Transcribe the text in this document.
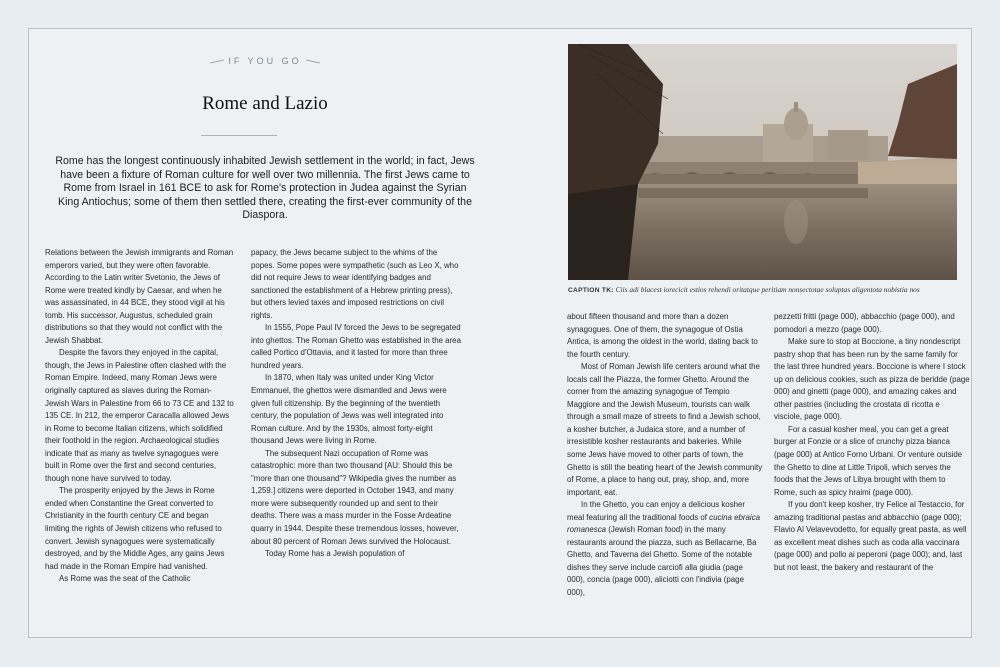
IF YOU GO
Rome and Lazio
Rome has the longest continuously inhabited Jewish settlement in the world; in fact, Jews have been a fixture of Roman culture for well over two millennia. The first Jews came to Rome from Israel in 161 BCE to ask for Rome's protection in Judea against the Syrian King Antiochus; some of them then settled there, creating the first-ever community of the Diaspora.

Relations between the Jewish immigrants and Roman emperors varied, but they were often favorable. According to the Latin writer Svetonio, the Jews of Rome were treated kindly by Caesar, and when he was assassinated, in 44 BCE, they stood vigil at his tomb. His successor, Augustus, scheduled grain distributions so that they would not conflict with the Jewish Shabbat.

Despite the favors they enjoyed in the capital, though, the Jews in Palestine often clashed with the Roman Empire. Indeed, many Roman Jews were originally captured as slaves during the Roman-Jewish Wars in Palestine from 66 to 73 CE and 132 to 135 CE. In 212, the emperor Caracalla allowed Jews in Rome to become Italian citizens, which solidified their foothold in the region. Archaeological studies indicate that as many as twelve synagogues were built in Rome over the first and second centuries, though none have survived to today.

The prosperity enjoyed by the Jews in Rome ended when Constantine the Great converted to Christianity in the fourth century CE and began limiting the rights of Jewish citizens who refused to convert. Jewish synagogues were systematically destroyed, and by the Middle Ages, any gains Jews had made in the Roman Empire had vanished.

As Rome was the seat of the Catholic

papacy, the Jews became subject to the whims of the popes. Some popes were sympathetic (such as Leo X, who did not require Jews to wear identifying badges and sanctioned the establishment of a Hebrew printing press), but others levied taxes and imposed restrictions on civil rights.

In 1555, Pope Paul IV forced the Jews to be segregated into ghettos. The Roman Ghetto was established in the area called Portico d'Ottavia, and it lasted for more than three hundred years.

In 1870, when Italy was united under King Victor Emmanuel, the ghettos were dismantled and Jews were given full citizenship. By the beginning of the twentieth century, the population of Jews was well integrated into Roman culture. And by the 1930s, almost forty-eight thousand Jews were living in Rome.

The subsequent Nazi occupation of Rome was catastrophic: more than two thousand [AU: Should this be "more than one thousand"? Wikipedia gives the number as 1,259.] citizens were deported in October 1943, and many more were subsequently rounded up and sent to their deaths. There was a mass murder in the Fosse Ardeatine quarry in 1944. Despite these tremendous losses, however, about 80 percent of Roman Jews survived the Holocaust.

Today Rome has a Jewish population of

CAPTION TK: Ciis adi blacest iorecicit estios rehendi oritatque peritiam nonsectotae soluptas aligentota nobistia nos

about fifteen thousand and more than a dozen synagogues. One of them, the synagogue of Ostia Antica, is among the oldest in the world, dating back to the fourth century.

Most of Roman Jewish life centers around what the locals call the Piazza, the former Ghetto. Around the corner from the amazing synagogue of Tempio Maggiore and the Jewish Museum, tourists can walk through a small maze of streets to find a Jewish school, a kosher butcher, a Judaica store, and a number of irresistible kosher restaurants and bakeries. While some Jews have moved to other parts of town, the Ghetto is still the beating heart of the Jewish community of Rome, a place to hang out, pray, shop, and, more important, eat.

In the Ghetto, you can enjoy a delicious kosher meal featuring all the traditional foods of cucina ebraica romanesca (Jewish Roman food) in the many restaurants around the piazza, such as Bellacarne, Ba Ghetto, and Taverna del Ghetto. Some of the notable dishes they serve include carciofi alla giudia (page 000), concia (page 000), aliciotti con l'indivia (page 000),

pezzetti fritti (page 000), abbacchio (page 000), and pomodori a mezzo (page 000).

Make sure to stop at Boccione, a tiny nondescript pastry shop that has been run by the same family for the last three hundred years. Boccione is where I stock up on delicious cookies, such as pizza de beridde (page 000) and ginetti (page 000), and amazing cakes and other pastries (including the crostata di ricotta e visciole, page 000).

For a casual kosher meal, you can get a great burger at Fonzie or a slice of crunchy pizza bianca (page 000) at Antico Forno Urbani. Or venture outside the Ghetto to dine at Little Tripoli, which serves the foods that the Jews of Libya brought with them to Rome, such as spicy hraimi (page 000).

If you don't keep kosher, try Felice al Testaccio, for amazing traditional pastas and abbacchio (page 000); Flavio Al Velavevodetto, for equally great pasta, as well as excellent meat dishes such as coda alla vaccinara (page 000) and pollo ai peperoni (page 000); and, last but not least, the bakery and restaurant of the
